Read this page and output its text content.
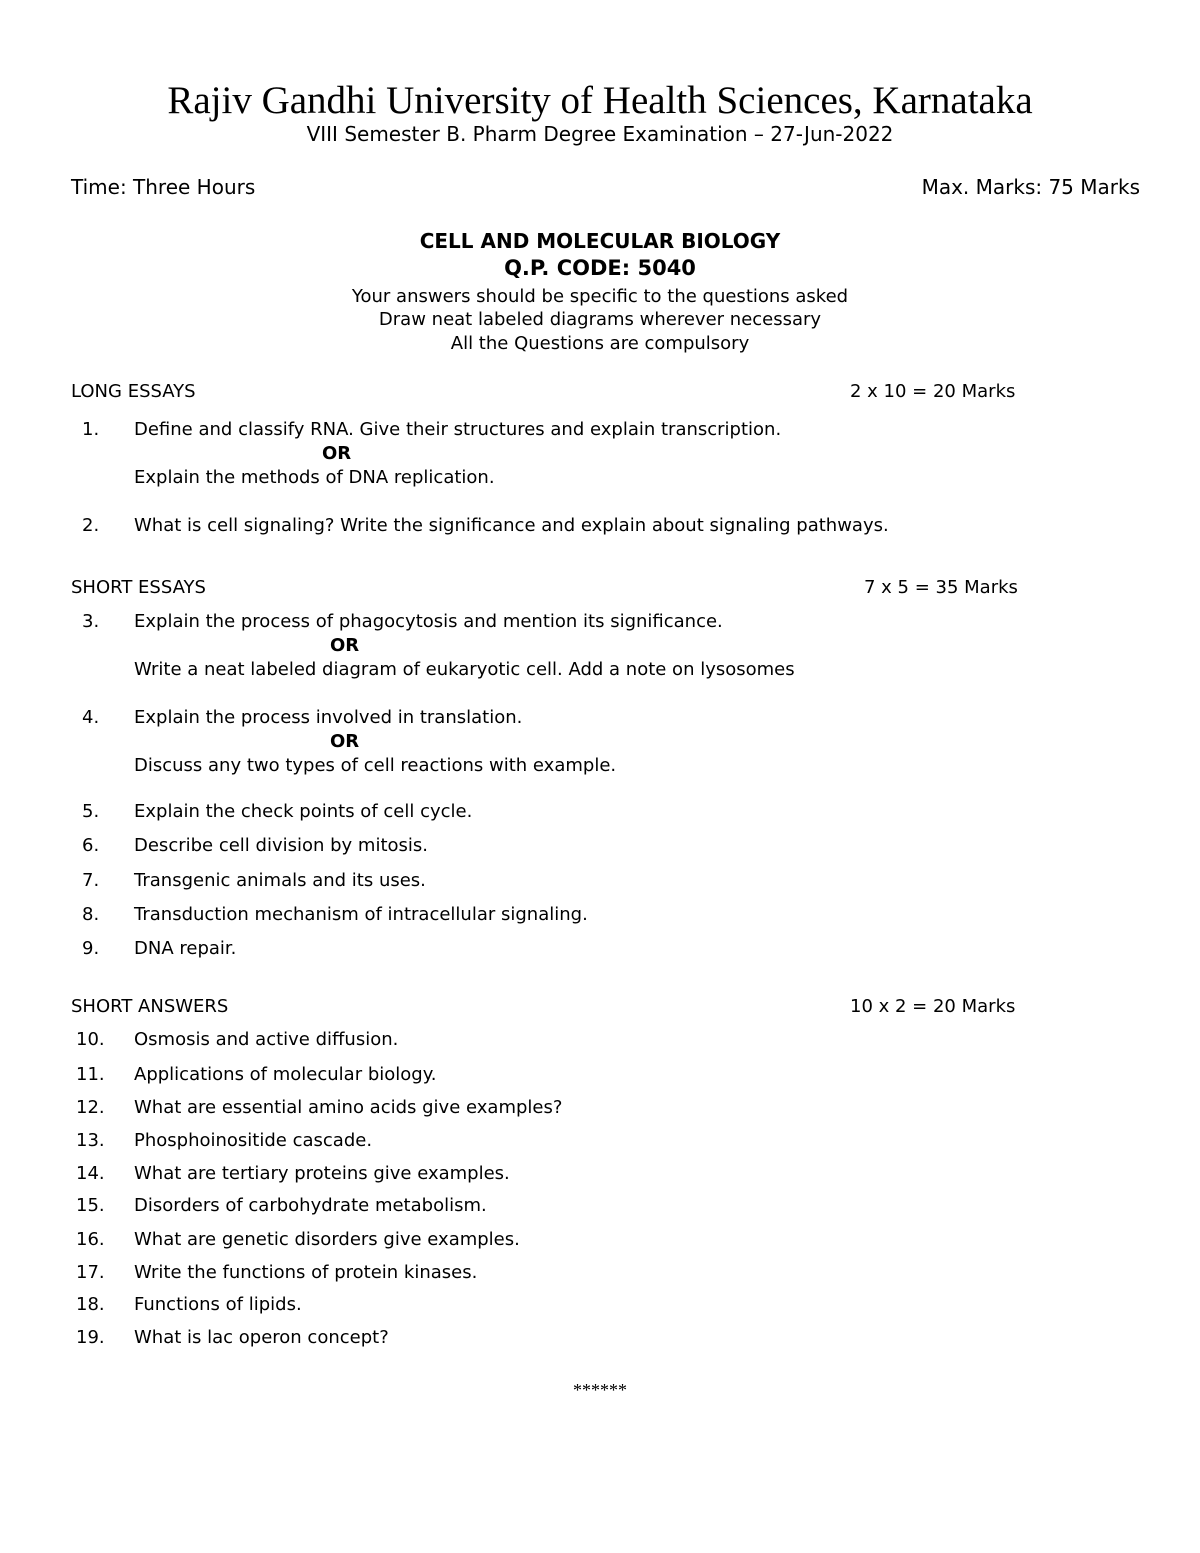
Rajiv Gandhi University of Health Sciences, Karnataka
VIII Semester B. Pharm Degree Examination – 27-Jun-2022
Time: Three Hours	Max. Marks: 75 Marks
CELL AND MOLECULAR BIOLOGY
Q.P. CODE: 5040
Your answers should be specific to the questions asked
Draw neat labeled diagrams wherever necessary
All the Questions are compulsory
LONG ESSAYS	2 x 10 = 20 Marks
1. Define and classify RNA. Give their structures and explain transcription.
OR
Explain the methods of DNA replication.
2. What is cell signaling? Write the significance and explain about signaling pathways.
SHORT ESSAYS	7 x 5 = 35 Marks
3. Explain the process of phagocytosis and mention its significance.
OR
Write a neat labeled diagram of eukaryotic cell. Add a note on lysosomes
4. Explain the process involved in translation.
OR
Discuss any two types of cell reactions with example.
5. Explain the check points of cell cycle.
6. Describe cell division by mitosis.
7. Transgenic animals and its uses.
8. Transduction mechanism of intracellular signaling.
9. DNA repair.
SHORT ANSWERS	10 x 2 = 20 Marks
10. Osmosis and active diffusion.
11. Applications of molecular biology.
12. What are essential amino acids give examples?
13. Phosphoinositide cascade.
14. What are tertiary proteins give examples.
15. Disorders of carbohydrate metabolism.
16. What are genetic disorders give examples.
17. Write the functions of protein kinases.
18. Functions of lipids.
19. What is lac operon concept?
******
